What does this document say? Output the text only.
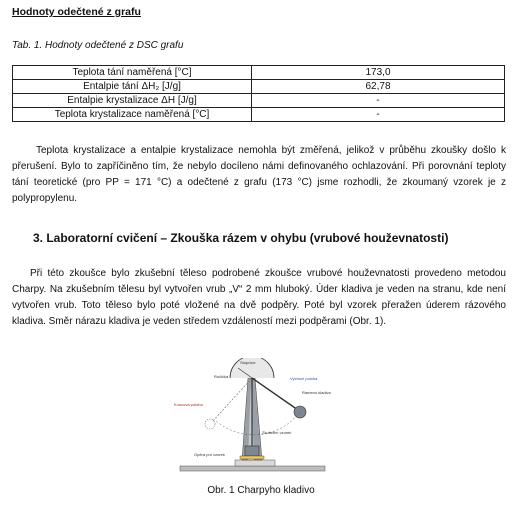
Hodnoty odečtené z grafu
Tab. 1. Hodnoty odečtené z DSC grafu
Teplota tání naměřená [°C]	173,0
Entalpie tání ΔH₂ [J/g]	62,78
Entalpie krystalizace ΔH [J/g]	-
Teplota krystalizace naměřená [°C]	-
Teplota krystalizace a entalpie krystalizace nemohla být změřená, jelikož v průběhu zkoušky došlo k přerušení. Bylo to zapříčiněno tím, že nebylo docíleno námi definovaného ochlazování. Při porovnání teploty tání teoretické (pro PP = 171 °C) a odečtené z grafu (173 °C) jsme rozhodli, že zkoumaný vzorek je z polypropylenu.
3. Laboratorní cvičení – Zkouška rázem v ohybu (vrubové houževnatosti)
Při této zkoušce bylo zkušební těleso podrobené zkoušce vrubové houževnatosti provedeno metodou Charpy. Na zkušebním tělesu byl vytvořen vrub „V“ 2 mm hluboký. Úder kladiva je veden na stranu, kde není vytvořen vrub. Toto těleso bylo poté vložené na dvě podpěry. Poté byl vzorek přeražen úderem rázového kladiva. Směr nárazu kladiva je veden středem vzdáleností mezi podpěrami (Obr. 1).
Stupnice
Ručička	Výchozí poloha
Rameno kladiva
Koncová poloha
Zkušební vzorek
Opěra pro vzorek
Obr. 1 Charpyho kladivo
